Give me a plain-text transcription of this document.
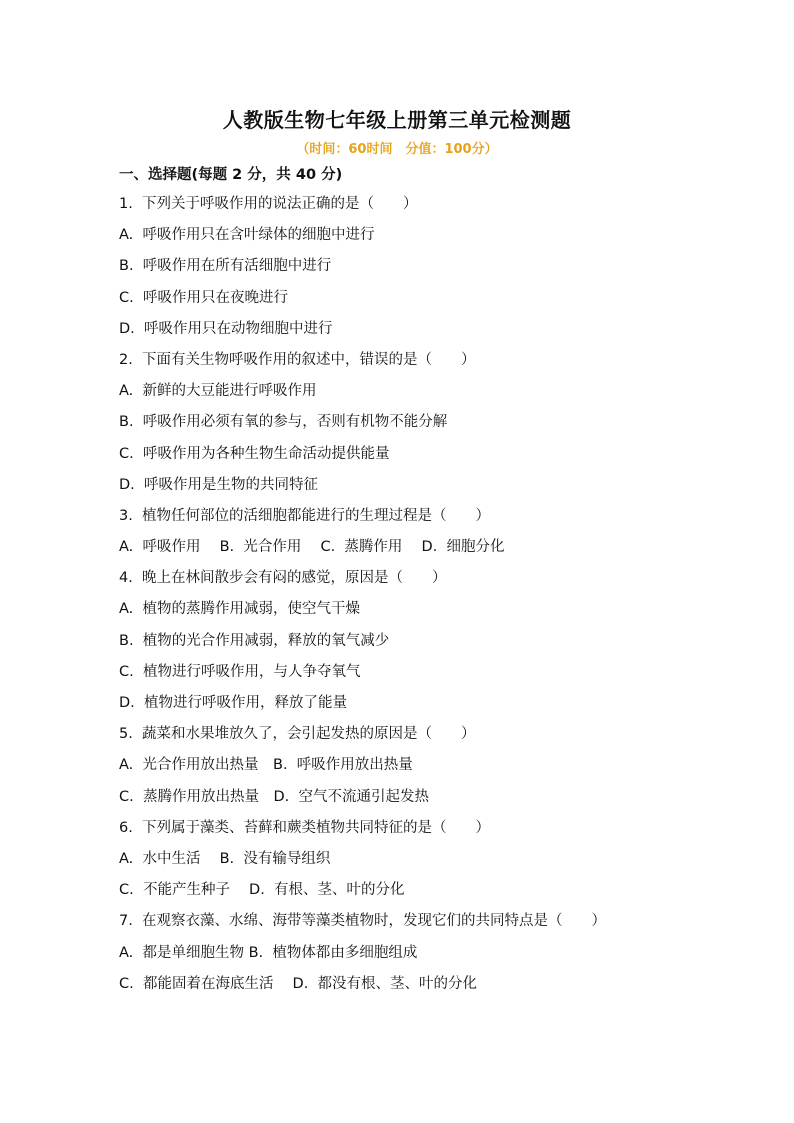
人教版生物七年级上册第三单元检测题
（时间：60时间　分值：100分）
一、选择题(每题 2 分，共 40 分)
1.  下列关于呼吸作用的说法正确的是（　　）
A.  呼吸作用只在含叶绿体的细胞中进行
B.  呼吸作用在所有活细胞中进行
C.  呼吸作用只在夜晚进行
D.  呼吸作用只在动物细胞中进行
2.  下面有关生物呼吸作用的叙述中，错误的是（　　）
A.  新鲜的大豆能进行呼吸作用
B.  呼吸作用必须有氧的参与，否则有机物不能分解
C.  呼吸作用为各种生物生命活动提供能量
D.  呼吸作用是生物的共同特征
3.  植物任何部位的活细胞都能进行的生理过程是（　　）
A.  呼吸作用　 B.  光合作用　 C.  蒸腾作用　 D.  细胞分化
4.  晚上在林间散步会有闷的感觉，原因是（　　）
A.  植物的蒸腾作用减弱，使空气干燥
B.  植物的光合作用减弱，释放的氧气减少
C.  植物进行呼吸作用，与人争夺氧气
D.  植物进行呼吸作用，释放了能量
5.  蔬菜和水果堆放久了，会引起发热的原因是（　　）
A.  光合作用放出热量　B.  呼吸作用放出热量
C.  蒸腾作用放出热量　D.  空气不流通引起发热
6.  下列属于藻类、苔藓和蕨类植物共同特征的是（　　）
A.  水中生活　 B.  没有输导组织
C.  不能产生种子　 D.  有根、茎、叶的分化
7.  在观察衣藻、水绵、海带等藻类植物时，发现它们的共同特点是（　　）
A.  都是单细胞生物 B.  植物体都由多细胞组成
C.  都能固着在海底生活　 D.  都没有根、茎、叶的分化
